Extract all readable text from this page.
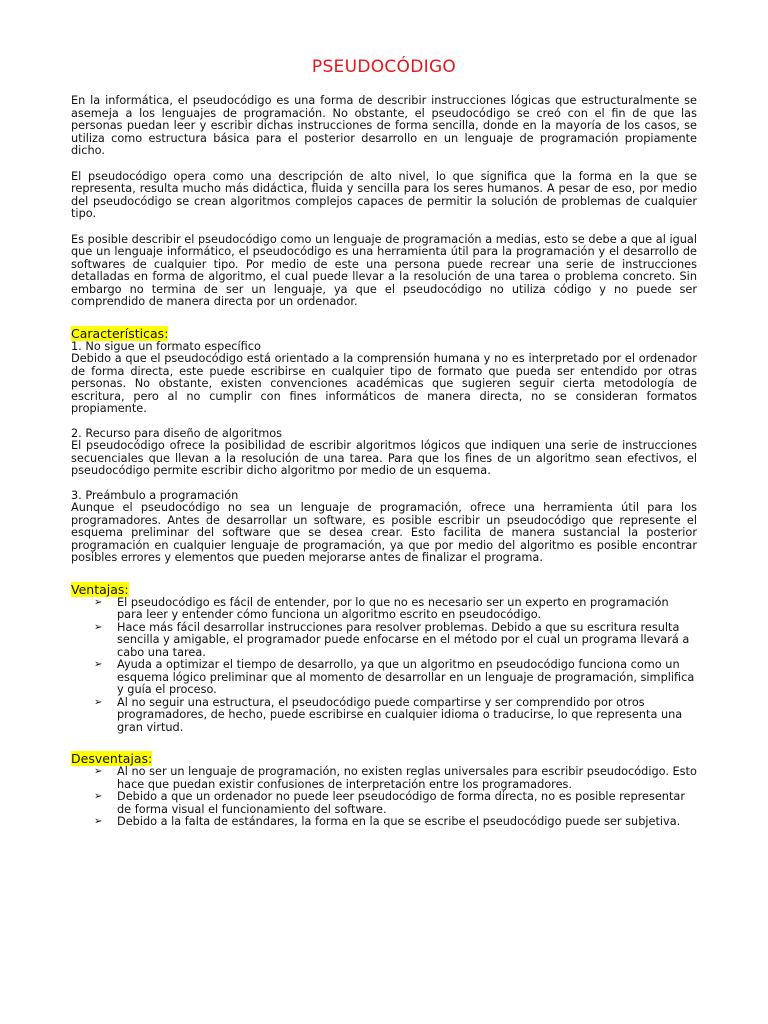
PSEUDOCÓDIGO

En la informática, el pseudocódigo es una forma de describir instrucciones lógicas que estructuralmente se asemeja a los lenguajes de programación. No obstante, el pseudocódigo se creó con el fin de que las personas puedan leer y escribir dichas instrucciones de forma sencilla, donde en la mayoría de los casos, se utiliza como estructura básica para el posterior desarrollo en un lenguaje de programación propiamente dicho.

El pseudocódigo opera como una descripción de alto nivel, lo que significa que la forma en la que se representa, resulta mucho más didáctica, fluida y sencilla para los seres humanos. A pesar de eso, por medio del pseudocódigo se crean algoritmos complejos capaces de permitir la solución de problemas de cualquier tipo.

Es posible describir el pseudocódigo como un lenguaje de programación a medias, esto se debe a que al igual que un lenguaje informático, el pseudocódigo es una herramienta útil para la programación y el desarrollo de softwares de cualquier tipo. Por medio de este una persona puede recrear una serie de instrucciones detalladas en forma de algoritmo, el cual puede llevar a la resolución de una tarea o problema concreto. Sin embargo no termina de ser un lenguaje, ya que el pseudocódigo no utiliza código y no puede ser comprendido de manera directa por un ordenador.

Características:
1. No sigue un formato específico

Debido a que el pseudocódigo está orientado a la comprensión humana y no es interpretado por el ordenador de forma directa, este puede escribirse en cualquier tipo de formato que pueda ser entendido por otras personas. No obstante, existen convenciones académicas que sugieren seguir cierta metodología de escritura, pero al no cumplir con fines informáticos de manera directa, no se consideran formatos propiamente.

2. Recurso para diseño de algoritmos

El pseudocódigo ofrece la posibilidad de escribir algoritmos lógicos que indiquen una serie de instrucciones secuenciales que llevan a la resolución de una tarea. Para que los fines de un algoritmo sean efectivos, el pseudocódigo permite escribir dicho algoritmo por medio de un esquema.

3. Preámbulo a programación

Aunque el pseudocódigo no sea un lenguaje de programación, ofrece una herramienta útil para los programadores. Antes de desarrollar un software, es posible escribir un pseudocódigo que represente el esquema preliminar del software que se desea crear. Esto facilita de manera sustancial la posterior programación en cualquier lenguaje de programación, ya que por medio del algoritmo es posible encontrar posibles errores y elementos que pueden mejorarse antes de finalizar el programa.

Ventajas:
➢ El pseudocódigo es fácil de entender, por lo que no es necesario ser un experto en programación para leer y entender cómo funciona un algoritmo escrito en pseudocódigo.
➢ Hace más fácil desarrollar instrucciones para resolver problemas. Debido a que su escritura resulta sencilla y amigable, el programador puede enfocarse en el método por el cual un programa llevará a cabo una tarea.
➢ Ayuda a optimizar el tiempo de desarrollo, ya que un algoritmo en pseudocódigo funciona como un esquema lógico preliminar que al momento de desarrollar en un lenguaje de programación, simplifica y guía el proceso.
➢ Al no seguir una estructura, el pseudocódigo puede compartirse y ser comprendido por otros programadores, de hecho, puede escribirse en cualquier idioma o traducirse, lo que representa una gran virtud.
Desventajas:
➢ Al no ser un lenguaje de programación, no existen reglas universales para escribir pseudocódigo. Esto hace que puedan existir confusiones de interpretación entre los programadores.
➢ Debido a que un ordenador no puede leer pseudocódigo de forma directa, no es posible representar de forma visual el funcionamiento del software.
➢ Debido a la falta de estándares, la forma en la que se escribe el pseudocódigo puede ser subjetiva.
